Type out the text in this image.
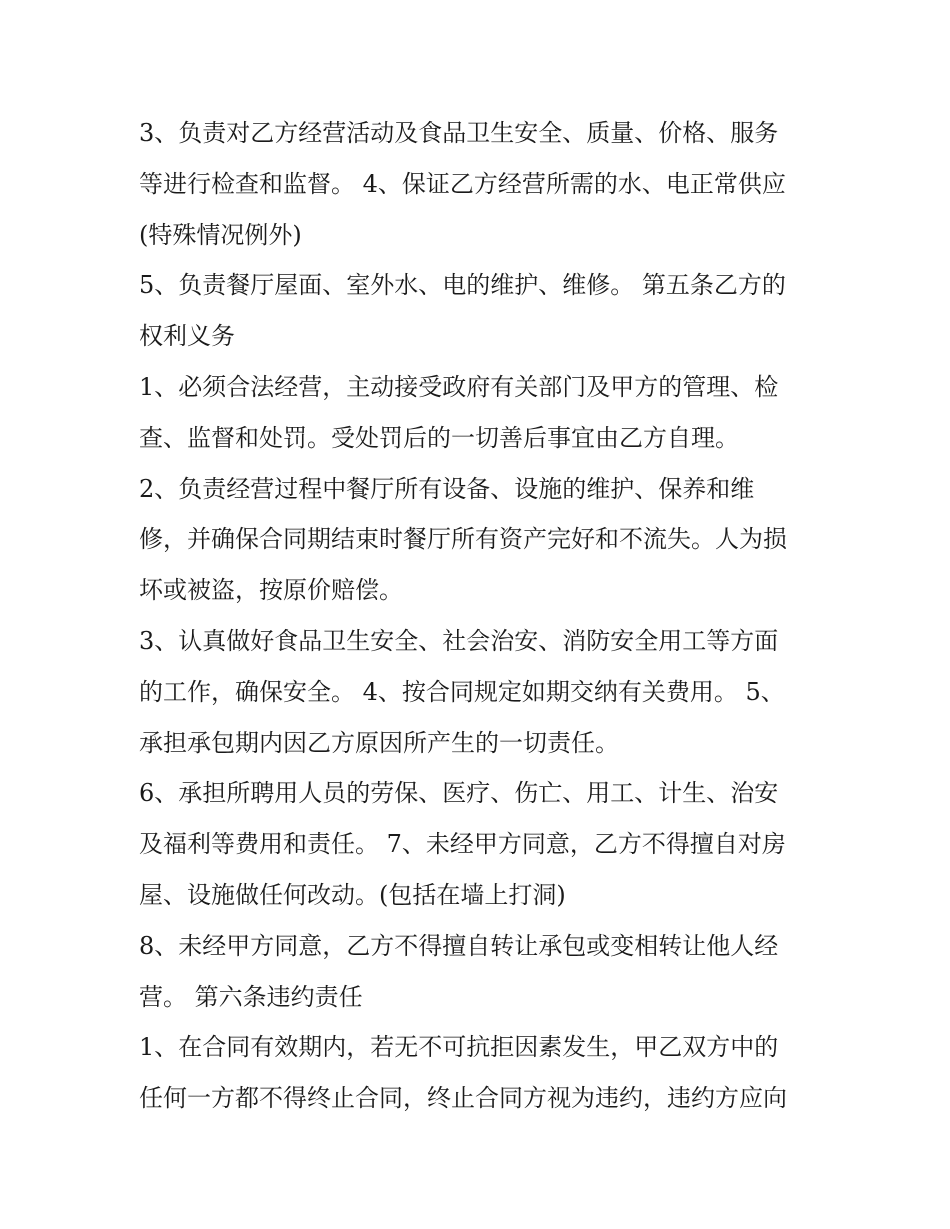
3、负责对乙方经营活动及食品卫生安全、质量、价格、服务
等进行检查和监督。 4、保证乙方经营所需的水、电正常供应
(特殊情况例外)
5、负责餐厅屋面、室外水、电的维护、维修。 第五条乙方的
权利义务
1、必须合法经营，主动接受政府有关部门及甲方的管理、检
查、监督和处罚。受处罚后的一切善后事宜由乙方自理。
2、负责经营过程中餐厅所有设备、设施的维护、保养和维
修，并确保合同期结束时餐厅所有资产完好和不流失。人为损
坏或被盗，按原价赔偿。
3、认真做好食品卫生安全、社会治安、消防安全用工等方面
的工作，确保安全。 4、按合同规定如期交纳有关费用。 5、
承担承包期内因乙方原因所产生的一切责任。
6、承担所聘用人员的劳保、医疗、伤亡、用工、计生、治安
及福利等费用和责任。 7、未经甲方同意，乙方不得擅自对房
屋、设施做任何改动。(包括在墙上打洞)
8、未经甲方同意，乙方不得擅自转让承包或变相转让他人经
营。 第六条违约责任
1、在合同有效期内，若无不可抗拒因素发生，甲乙双方中的
任何一方都不得终止合同，终止合同方视为违约，违约方应向
